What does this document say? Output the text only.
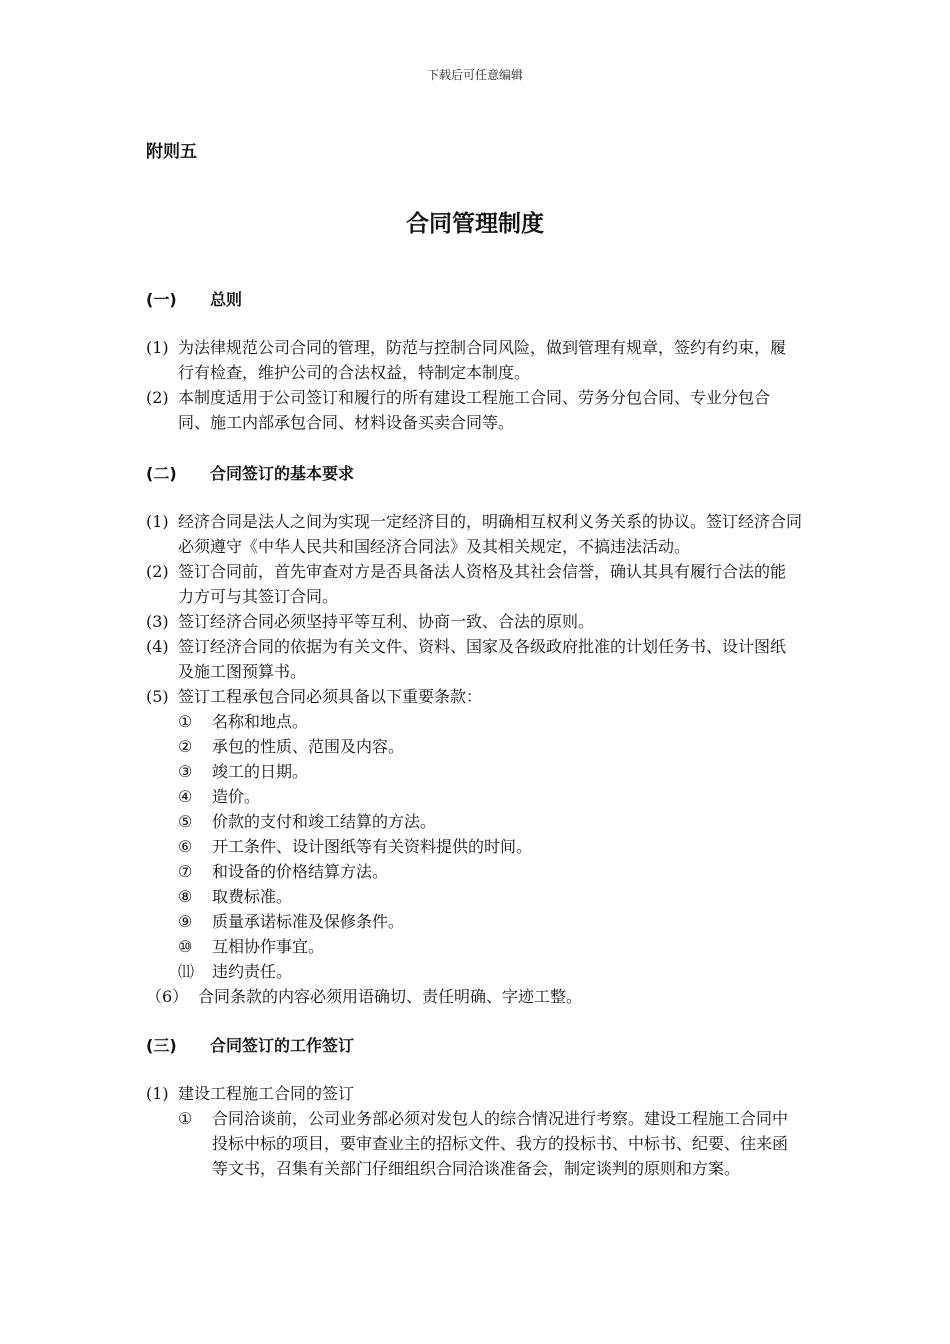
下载后可任意编辑
附则五
合同管理制度
(一) 总则
(1) 为法律规范公司合同的管理，防范与控制合同风险，做到管理有规章，签约有约束，履行有检查，维护公司的合法权益，特制定本制度。
(2) 本制度适用于公司签订和履行的所有建设工程施工合同、劳务分包合同、专业分包合同、施工内部承包合同、材料设备买卖合同等。
(二) 合同签订的基本要求
(1) 经济合同是法人之间为实现一定经济目的，明确相互权利义务关系的协议。签订经济合同必须遵守《中华人民共和国经济合同法》及其相关规定，不搞违法活动。
(2) 签订合同前，首先审查对方是否具备法人资格及其社会信誉，确认其具有履行合法的能力方可与其签订合同。
(3) 签订经济合同必须坚持平等互利、协商一致、合法的原则。
(4) 签订经济合同的依据为有关文件、资料、国家及各级政府批准的计划任务书、设计图纸及施工图预算书。
(5) 签订工程承包合同必须具备以下重要条款：
① 名称和地点。
② 承包的性质、范围及内容。
③ 竣工的日期。
④ 造价。
⑤ 价款的支付和竣工结算的方法。
⑥ 开工条件、设计图纸等有关资料提供的时间。
⑦ 和设备的价格结算方法。
⑧ 取费标准。
⑨ 质量承诺标准及保修条件。
⑩ 互相协作事宜。
⑾ 违约责任。
（6） 合同条款的内容必须用语确切、责任明确、字迹工整。
(三) 合同签订的工作签订
(1) 建设工程施工合同的签订
① 合同洽谈前，公司业务部必须对发包人的综合情况进行考察。建设工程施工合同中投标中标的项目，要审查业主的招标文件、我方的投标书、中标书、纪要、往来函等文书，召集有关部门仔细组织合同洽谈准备会，制定谈判的原则和方案。
